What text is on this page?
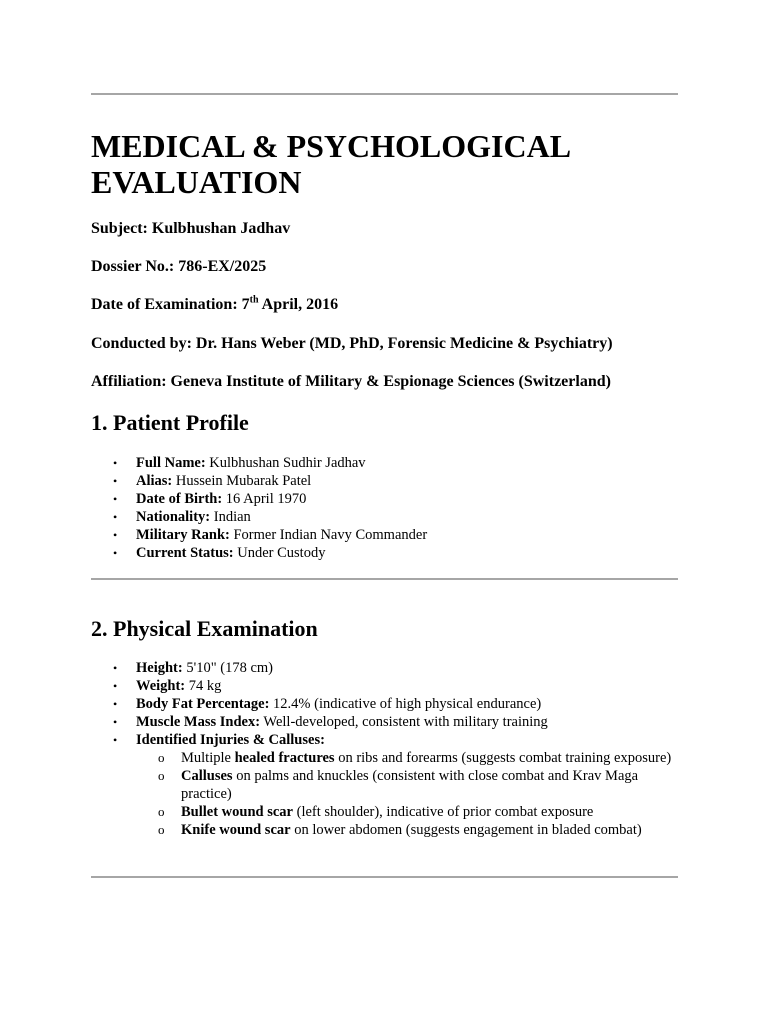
MEDICAL & PSYCHOLOGICAL EVALUATION

Subject: Kulbhushan Jadhav

Dossier No.: 786-EX/2025

Date of Examination: 7th April, 2016

Conducted by: Dr. Hans Weber (MD, PhD, Forensic Medicine & Psychiatry)

Affiliation: Geneva Institute of Military & Espionage Sciences (Switzerland)

1. Patient Profile
• Full Name: Kulbhushan Sudhir Jadhav
• Alias: Hussein Mubarak Patel
• Date of Birth: 16 April 1970
• Nationality: Indian
• Military Rank: Former Indian Navy Commander
• Current Status: Under Custody
2. Physical Examination
• Height: 5'10" (178 cm)
• Weight: 74 kg
• Body Fat Percentage: 12.4% (indicative of high physical endurance)
• Muscle Mass Index: Well-developed, consistent with military training
• Identified Injuries & Calluses:
o Multiple healed fractures on ribs and forearms (suggests combat training exposure)
o Calluses on palms and knuckles (consistent with close combat and Krav Maga practice)
o Bullet wound scar (left shoulder), indicative of prior combat exposure
o Knife wound scar on lower abdomen (suggests engagement in bladed combat)
